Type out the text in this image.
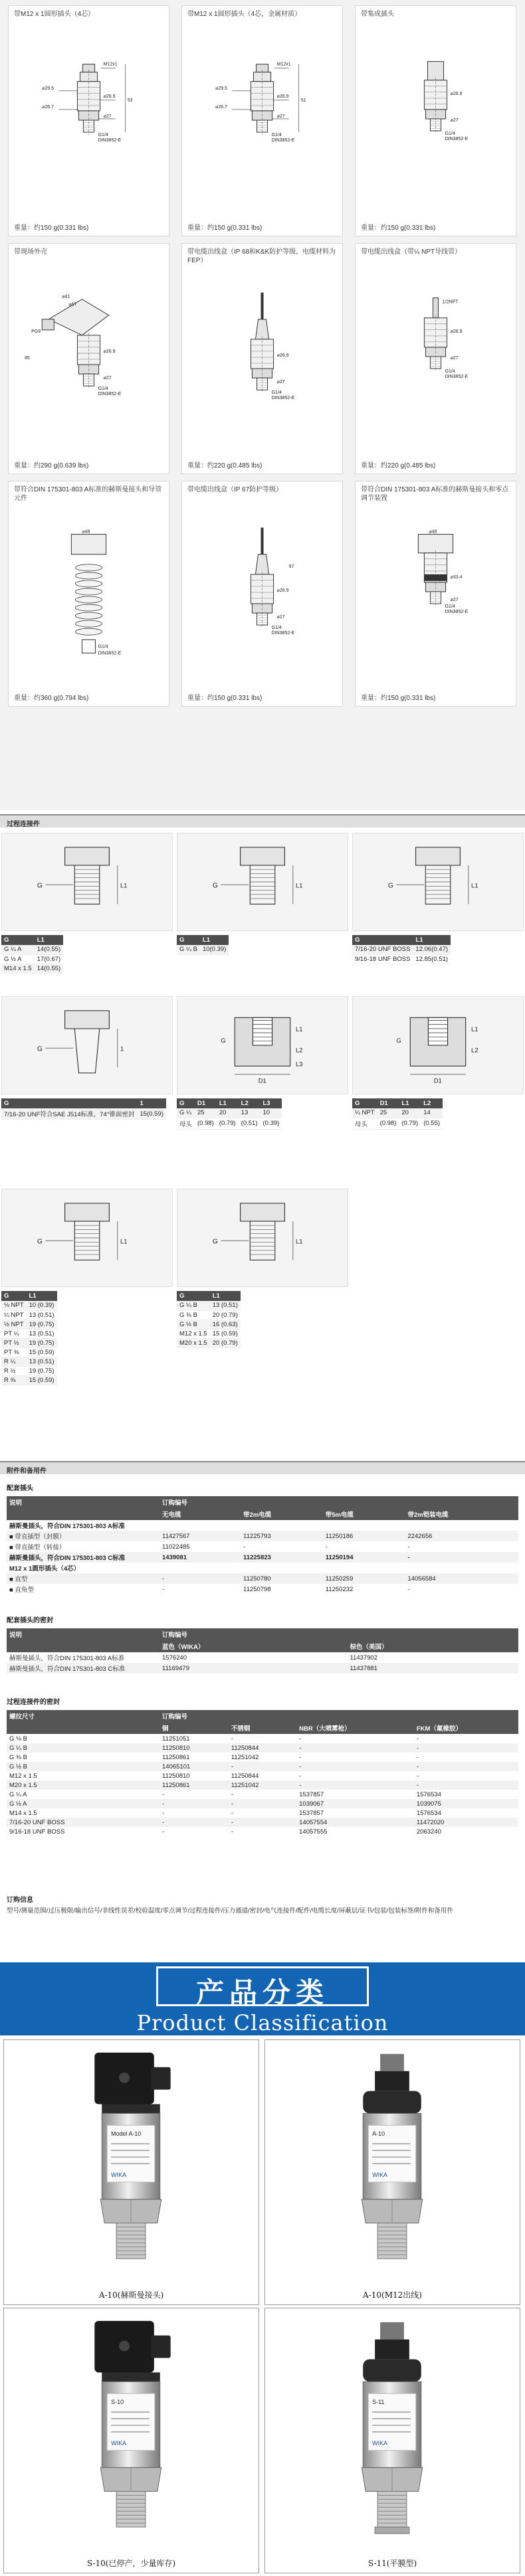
带M12 x 1圆形插头（4芯）
M12x1
⌀29.5
⌀26.7
⌀26.9
⌀27
53
G1/4
DIN3852-E
重量：约150 g(0.331 lbs)
带M12 x 1圆形插头（4芯，金属材质）
M12x1
⌀29.5
⌀26.7
⌀26.9
⌀27
51
G1/4
DIN3852-E
重量：约150 g(0.331 lbs)
带集成插头
⌀26.9
⌀27
G1/4
DIN3852-E
重量：约150 g(0.331 lbs)
带现场外壳
⌀41
⌀57
PG9
⌀26.9
⌀27
85
G1/4
DIN3852-E
重量：约290 g(0.639 lbs)
带电缆出线盒（IP 68和K&K防护等级，电缆材料为FEP）
⌀26.9
⌀27
G1/4
DIN3852-E
重量：约220 g(0.485 lbs)
带电缆出线盒（带¼ NPT导线管）
1/2NPT
⌀26.9
⌀27
G1/4
DIN3852-E
重量：约220 g(0.485 lbs)
带符合DIN 175301-803 A标准的赫斯曼接头和导管元件
⌀48
G1/4
DIN3852-E
重量：约360 g(0.794 lbs)
带电缆出线盒（IP 67防护等级）
⌀26.9
⌀27
97
G1/4
DIN3852-E
重量：约150 g(0.331 lbs)
带符合DIN 175301-803 A标准的赫斯曼接头和零点调节装置
⌀48
⌀33.4
⌀27
G1/4
DIN3852-E
重量：约150 g(0.331 lbs)
过程连接件
G	L1
G	L1
G ¼ A	14(0.55)
G ½ A	17(0.67)
M14 x 1.5	14(0.55)
G	L1
G	L1
G ¼ B	10(0.39)
G	L1
G	L1
7/16-20 UNF BOSS	12.06(0.47)
9/16-18 UNF BOSS	12.85(0.51)
G	1
G	1
7/16-20 UNF符合SAE J514标准，74°锥面密封	15(0.59)
D1
G
L1
L2
L3
G	D1	L1	L2	L3
G ¼	25	20	13	10
母头	(0.98)	(0.79)	(0.51)	(0.39)
D1
G
L1
L2
G	D1	L1	L2
¼ NPT	25	20	14
母头	(0.98)	(0.79)	(0.55)
G	L1
G	L1
⅛ NPT	10 (0.39)
¼ NPT	13 (0.51)
½ NPT	19 (0.75)
PT ¼	13 (0.51)
PT ½	19 (0.75)
PT ⅜	15 (0.59)
R ¼	13 (0.51)
R ½	19 (0.75)
R ⅜	15 (0.59)
G	L1
G	L1
G ¼ B	13 (0.51)
G ⅜ B	20 (0.79)
G ½ B	16 (0.63)
M12 x 1.5	15 (0.59)
M20 x 1.5	20 (0.79)
附件和备用件
配套插头
说明	订购编号			
	无电缆	带2m电缆	带5m电缆	带2m铠装电缆
赫斯曼插头，符合DIN 175301-803 A标准				
■ 带直插型（封膜）	11427567	11225793	11250186	2242656
■ 带直插型（转接）	11022485	-	-	-
赫斯曼插头，符合DIN 175301-803 C标准	1439081	11225823	11250194	-
M12 x 1圆形插头（4芯）				
■ 直型	-	11250780	11250259	14056584
■ 直角型	-	11250798	11250232	-
配套插头的密封
说明	订购编号	
	蓝色（WIKA）	棕色（美国）
赫斯曼插头，符合DIN 175301-803 A标准	1576240	11437902
赫斯曼插头，符合DIN 175301-803 C标准	11169479	11437881
过程连接件的密封
螺纹尺寸	订购编号			
	铜	不锈钢	NBR（大喷雾枪）	FKM（氟橡胶）
G ⅛ B	11251051	-	-	-
G ¼ B	11250810	11250844	-	-
G ⅜ B	11250861	11251042	-	-
G ½ B	14065101	-	-	-
M12 x 1.5	11250810	11250844	-	-
M20 x 1.5	11250861	11251042	-	-
G ¼ A	-	-	1537857	1576534
G ½ A	-	-	1039067	1039075
M14 x 1.5	-	-	1537857	1576534
7/16-20 UNF BOSS	-	-	14057554	11472020
9/16-18 UNF BOSS	-	-	14057555	2063240
订购信息
型号/测量范围/过压极限/输出信号/非线性误差/校验温度/零点调节/过程连接件/压力通道/密封/电气连接件/配件/电缆长度/屏蔽层/证书/包装/包装标签/附件和备用件
产品分类
Product Classification
Model A-10
WIKA
A-10(赫斯曼接头)
A-10
WIKA
A-10(M12出线)
S-10
WIKA
S-10(已停产，少量库存)
S-11
WIKA
S-11(平膜型)
